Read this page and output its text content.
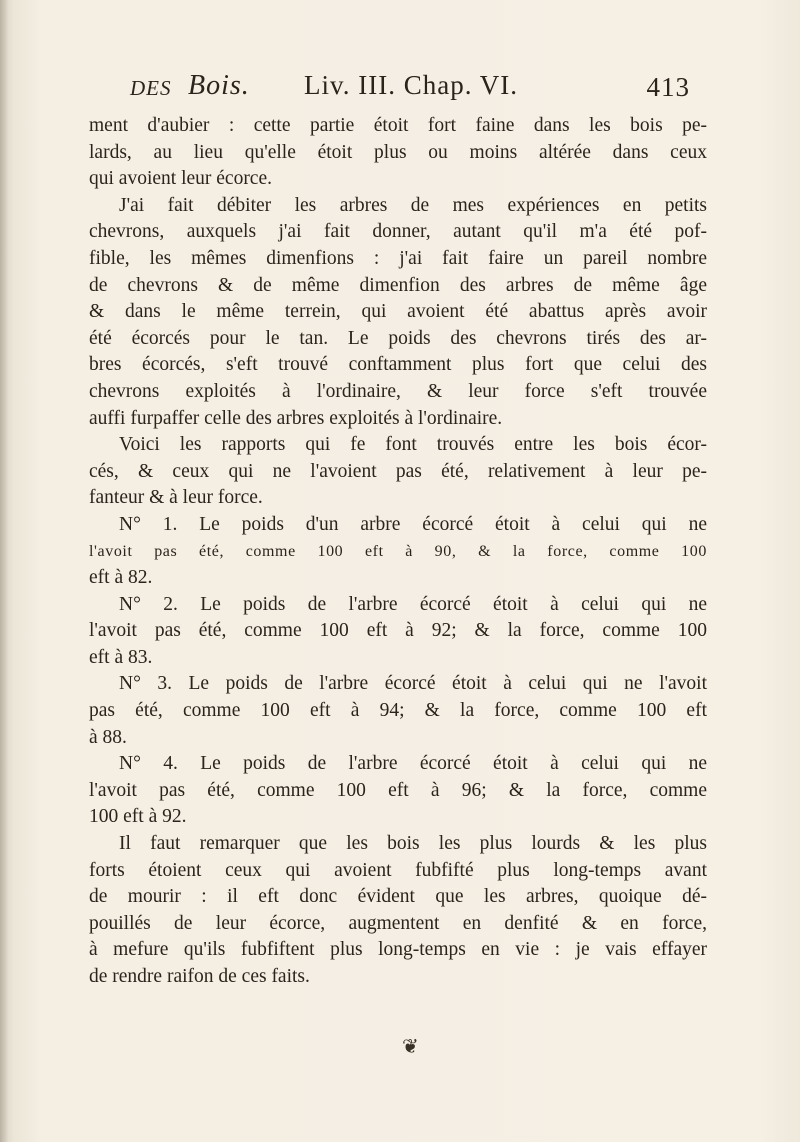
DES Bois. Liv. III. Chap. VI.	413
ment d'aubier : cette partie étoit fort faine dans les bois pe-
lards, au lieu qu'elle étoit plus ou moins altérée dans ceux
qui avoient leur écorce.
J'ai fait débiter les arbres de mes expériences en petits
chevrons, auxquels j'ai fait donner, autant qu'il m'a été pof-
fible, les mêmes dimenfions : j'ai fait faire un pareil nombre
de chevrons & de même dimenfion des arbres de même âge
& dans le même terrein, qui avoient été abattus après avoir
été écorcés pour le tan. Le poids des chevrons tirés des ar-
bres écorcés, s'eft trouvé conftamment plus fort que celui des
chevrons exploités à l'ordinaire, & leur force s'eft trouvée
auffi furpaffer celle des arbres exploités à l'ordinaire.
Voici les rapports qui fe font trouvés entre les bois écor-
cés, & ceux qui ne l'avoient pas été, relativement à leur pe-
fanteur & à leur force.
N° 1. Le poids d'un arbre écorcé étoit à celui qui ne
l'avoit pas été, comme 100 eft à 90, & la force, comme 100
eft à 82.
N° 2. Le poids de l'arbre écorcé étoit à celui qui ne
l'avoit pas été, comme 100 eft à 92; & la force, comme 100
eft à 83.
N° 3. Le poids de l'arbre écorcé étoit à celui qui ne l'avoit
pas été, comme 100 eft à 94; & la force, comme 100 eft
à 88.
N° 4. Le poids de l'arbre écorcé étoit à celui qui ne
l'avoit pas été, comme 100 eft à 96; & la force, comme
100 eft à 92.
Il faut remarquer que les bois les plus lourds & les plus
forts étoient ceux qui avoient fubfifté plus long-temps avant
de mourir : il eft donc évident que les arbres, quoique dé-
pouillés de leur écorce, augmentent en denfité & en force,
à mefure qu'ils fubfiftent plus long-temps en vie : je vais effayer
de rendre raifon de ces faits.
❦
